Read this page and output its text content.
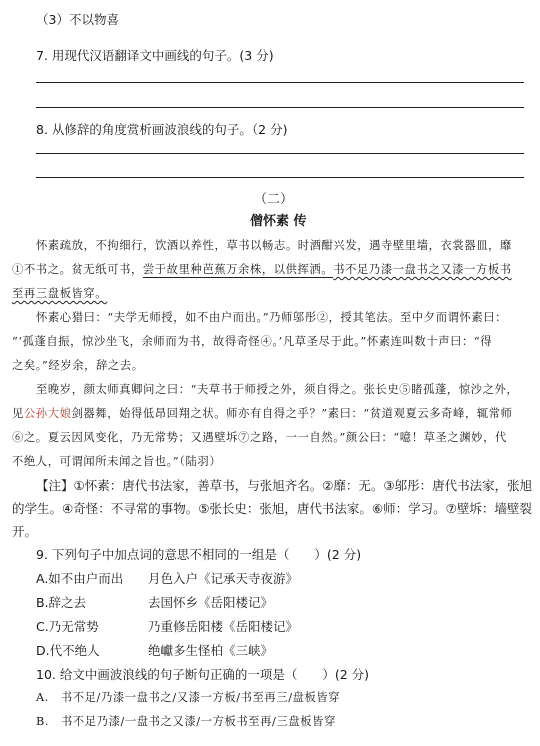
（3）不以物喜
7. 用现代汉语翻译文中画线的句子。(3 分)
8. 从修辞的角度赏析画波浪线的句子。（2 分)
（二）
僧怀素 传
怀素疏放，不拘细行，饮酒以养性，草书以畅志。时酒酣兴发，遇寺壁里墙，衣裳器皿，靡
①不书之。贫无纸可书，尝于故里种芭蕉万余株，以供挥洒。书不足乃漆一盘书之又漆一方板书
至再三盘板皆穿。
怀素心猎曰：“夫学无师授，如不由户而出。”乃师邬彤②，授其笔法。至中夕而谓怀素曰：
“‘孤蓬自振，惊沙坐飞，余师而为书，故得奇怪④。’凡草圣尽于此。”怀素连叫数十声曰：“得
之矣。”经岁余，辞之去。
至晚岁，颜太师真卿问之曰：“夫草书于师授之外，须自得之。张长史⑤睹孤蓬，惊沙之外，
见公孙大娘剑器舞，始得低昂回翔之状。师亦有自得之乎？”素曰：“贫道观夏云多奇峰，辄常师
⑥之。夏云因风变化，乃无常势；又遇壁坼⑦之路，一一自然。”颜公曰：“噫！草圣之渊妙，代
不绝人，可谓闻所未闻之旨也。”（陆羽）
【注】①怀素：唐代书法家，善草书，与张旭齐名。②靡：无。③邬彤：唐代书法家，张旭
的学生。④奇怪：不寻常的事物。⑤张长史：张旭，唐代书法家。⑥师：学习。⑦壁坼：墙壁裂
开。
9. 下列句子中加点词的意思不相同的一组是（　　）(2 分)
A.如不由户而出 月色入户《记承天寺夜游》
B.辞之去	去国怀乡《岳阳楼记》
C.乃无常势	乃重修岳阳楼《岳阳楼记》
D.代不绝人	绝巘多生怪柏《三峡》
10. 给文中画波浪线的句子断句正确的一项是（　　）(2 分)
A.　书不足/乃漆一盘书之/又漆一方板/书至再三/盘板皆穿
B.　书不足乃漆/一盘书之又漆/一方板书至再/三盘板皆穿
